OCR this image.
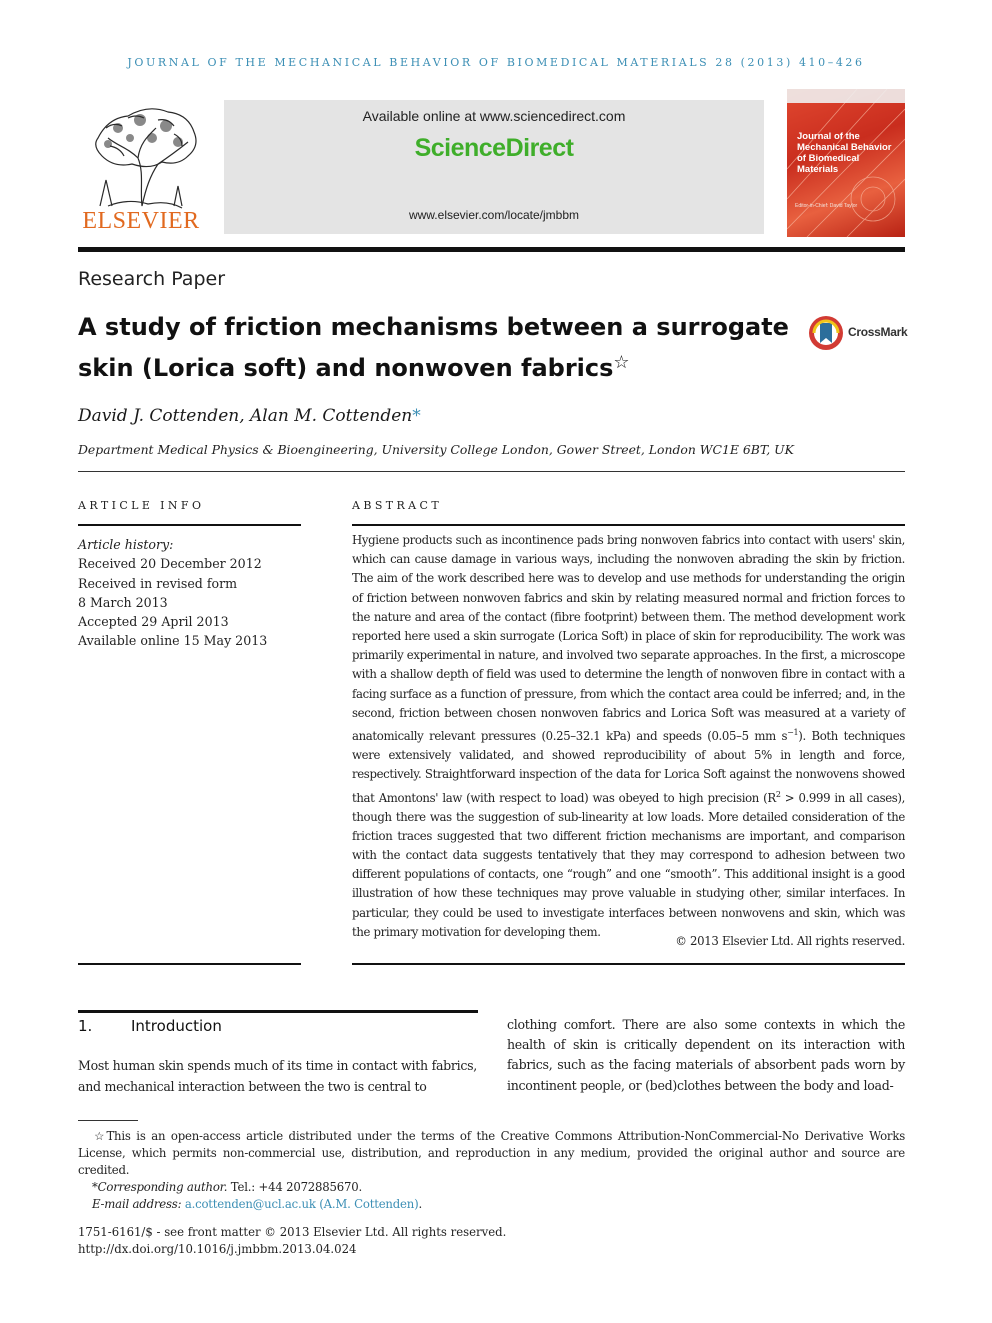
JOURNAL OF THE MECHANICAL BEHAVIOR OF BIOMEDICAL MATERIALS 28 (2013) 410–426
ELSEVIER
Available online at www.sciencedirect.com
ScienceDirect
www.elsevier.com/locate/jmbbm
Journal of the Mechanical Behavior of Biomedical Materials
Editor-in-Chief: David Taylor
Research Paper
A study of friction mechanisms between a surrogate skin (Lorica soft) and nonwoven fabrics☆
CrossMark
David J. Cottenden, Alan M. Cottenden*
Department Medical Physics & Bioengineering, University College London, Gower Street, London WC1E 6BT, UK
ARTICLE INFO	ABSTRACT
Article history:
Received 20 December 2012
Received in revised form
8 March 2013
Accepted 29 April 2013
Available online 15 May 2013
Hygiene products such as incontinence pads bring nonwoven fabrics into contact with users' skin, which can cause damage in various ways, including the nonwoven abrading the skin by friction. The aim of the work described here was to develop and use methods for understanding the origin of friction between nonwoven fabrics and skin by relating measured normal and friction forces to the nature and area of the contact (fibre footprint) between them. The method development work reported here used a skin surrogate (Lorica Soft) in place of skin for reproducibility. The work was primarily experimental in nature, and involved two separate approaches. In the first, a microscope with a shallow depth of field was used to determine the length of nonwoven fibre in contact with a facing surface as a function of pressure, from which the contact area could be inferred; and, in the second, friction between chosen nonwoven fabrics and Lorica Soft was measured at a variety of anatomically relevant pressures (0.25–32.1 kPa) and speeds (0.05–5 mm $s^{-1}$). Both techniques were extensively validated, and showed reproducibility of about 5% in length and force, respectively. Straightforward inspection of the data for Lorica Soft against the nonwovens showed that Amontons' law (with respect to load) was obeyed to high precision ($R^2 > 0.999$ in all cases), though there was the suggestion of sub-linearity at low loads. More detailed consideration of the friction traces suggested that two different friction mechanisms are important, and comparison with the contact data suggests tentatively that they may correspond to adhesion between two different populations of contacts, one “rough” and one “smooth”. This additional insight is a good illustration of how these techniques may prove valuable in studying other, similar interfaces. In particular, they could be used to investigate interfaces between nonwovens and skin, which was the primary motivation for developing them.
© 2013 Elsevier Ltd. All rights reserved.
1.	Introduction
Most human skin spends much of its time in contact with fabrics, and mechanical interaction between the two is central to
clothing comfort. There are also some contexts in which the health of skin is critically dependent on its interaction with fabrics, such as the facing materials of absorbent pads worn by incontinent people, or (bed)clothes between the body and load-
☆This is an open-access article distributed under the terms of the Creative Commons Attribution-NonCommercial-No Derivative Works License, which permits non-commercial use, distribution, and reproduction in any medium, provided the original author and source are credited.
*Corresponding author. Tel.: +44 2072885670.
E-mail address: a.cottenden@ucl.ac.uk (A.M. Cottenden).
1751-6161/$ - see front matter © 2013 Elsevier Ltd. All rights reserved.
http://dx.doi.org/10.1016/j.jmbbm.2013.04.024
